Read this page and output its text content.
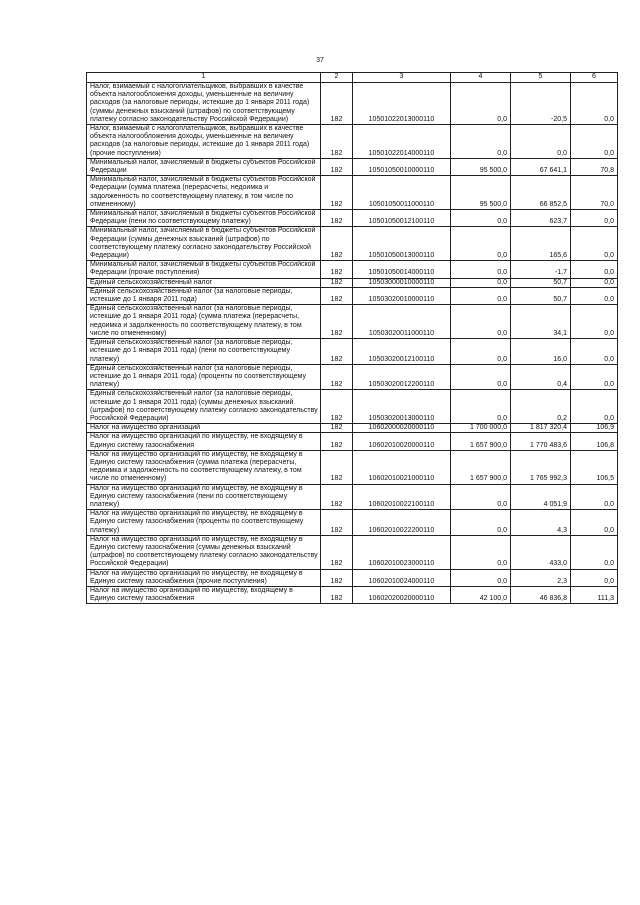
37
1	2	3	4	5	6
Налог, взимаемый с налогоплательщиков, выбравших в качестве объекта налогообложения доходы, уменьшенные на величину расходов (за налоговые периоды, истекшие до 1 января 2011 года) (суммы денежных взысканий (штрафов) по соответствующему платежу согласно законодательству Российской Федерации)	182	10501022013000110	0,0	-20,5	0,0
Налог, взимаемый с налогоплательщиков, выбравших в качестве объекта налогообложения доходы, уменьшенные на величину расходов (за налоговые периоды, истекшие до 1 января 2011 года) (прочие поступления)	182	10501022014000110	0,0	0,0	0,0
Минимальный налог, зачисляемый в бюджеты субъектов Российской Федерации	182	10501050010000110	95 500,0	67 641,1	70,8
Минимальный налог, зачисляемый в бюджеты субъектов Российской Федерации (сумма платежа (перерасчеты, недоимка и задолженность по соответствующему платежу, в том числе по отмененному)	182	10501050011000110	95 500,0	66 852,5	70,0
Минимальный налог, зачисляемый в бюджеты субъектов Российской Федерации (пени по соответствующему платежу)	182	10501050012100110	0,0	623,7	0,0
Минимальный налог, зачисляемый в бюджеты субъектов Российской Федерации (суммы денежных взысканий (штрафов) по соответствующему платежу согласно законодательству Российской Федерации)	182	10501050013000110	0,0	165,6	0,0
Минимальный налог, зачисляемый в бюджеты субъектов Российской Федерации (прочие поступления)	182	10501050014000110	0,0	-1,7	0,0
Единый сельскохозяйственный налог	182	10503000010000110	0,0	50,7	0,0
Единый сельскохозяйственный налог (за налоговые периоды, истекшие до 1 января 2011 года)	182	10503020010000110	0,0	50,7	0,0
Единый сельскохозяйственный налог (за налоговые периоды, истекшие до 1 января 2011 года) (сумма платежа (перерасчеты, недоимка и задолженность по соответствующему платежу, в том числе по отмененному)	182	10503020011000110	0,0	34,1	0,0
Единый сельскохозяйственный налог (за налоговые периоды, истекшие до 1 января 2011 года) (пени по соответствующему платежу)	182	10503020012100110	0,0	16,0	0,0
Единый сельскохозяйственный налог (за налоговые периоды, истекшие до 1 января 2011 года) (проценты по соответствующему платежу)	182	10503020012200110	0,0	0,4	0,0
Единый сельскохозяйственный налог (за налоговые периоды, истекшие до 1 января 2011 года) (суммы денежных взысканий (штрафов) по соответствующему платежу согласно законодательству Российской Федерации)	182	10503020013000110	0,0	0,2	0,0
Налог на имущество организаций	182	10602000020000110	1 700 000,0	1 817 320,4	106,9
Налог на имущество организаций по имуществу, не входящему в Единую систему газоснабжения	182	10602010020000110	1 657 900,0	1 770 483,6	106,8
Налог на имущество организаций по имуществу, не входящему в Единую систему газоснабжения (сумма платежа (перерасчеты, недоимка и задолженность по соответствующему платежу, в том числе по отмененному)	182	10602010021000110	1 657 900,0	1 765 992,3	106,5
Налог на имущество организаций по имуществу, не входящему в Единую систему газоснабжения (пени по соответствующему платежу)	182	10602010022100110	0,0	4 051,9	0,0
Налог на имущество организаций по имуществу, не входящему в Единую систему газоснабжения (проценты по соответствующему платежу)	182	10602010022200110	0,0	4,3	0,0
Налог на имущество организаций по имуществу, не входящему в Единую систему газоснабжения (суммы денежных взысканий (штрафов) по соответствующему платежу согласно законодательству Российской Федерации)	182	10602010023000110	0,0	433,0	0,0
Налог на имущество организаций по имуществу, не входящему в Единую систему газоснабжения (прочие поступления)	182	10602010024000110	0,0	2,3	0,0
Налог на имущество организаций по имуществу, входящему в Единую систему газоснабжения	182	10602020020000110	42 100,0	46 836,8	111,3
